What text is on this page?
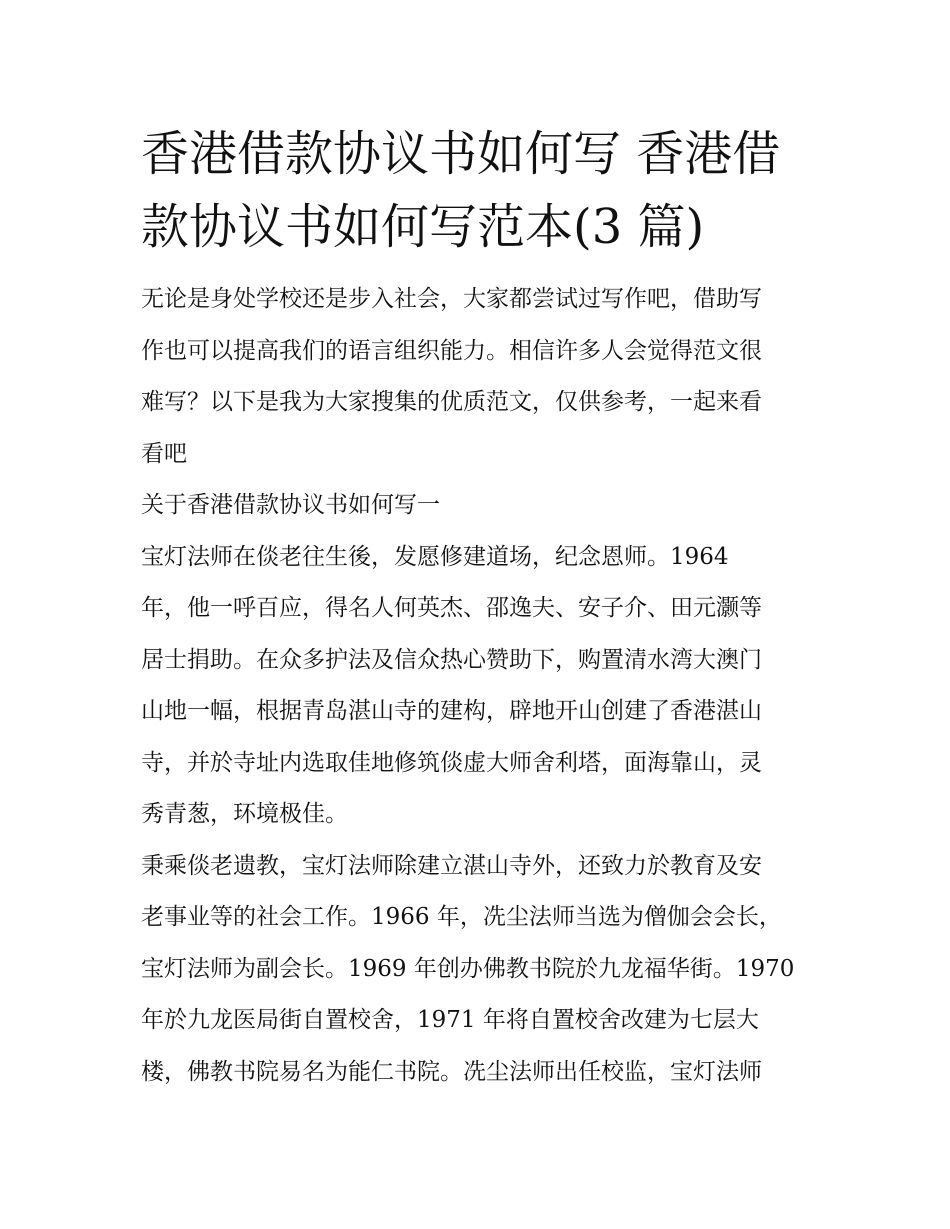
香港借款协议书如何写 香港借
款协议书如何写范本(3 篇)

无论是身处学校还是步入社会，大家都尝试过写作吧，借助写

作也可以提高我们的语言组织能力。相信许多人会觉得范文很

难写？以下是我为大家搜集的优质范文，仅供参考，一起来看

看吧

关于香港借款协议书如何写一

宝灯法师在倓老往生後，发愿修建道场，纪念恩师。1964

年，他一呼百应，得名人何英杰、邵逸夫、安子介、田元灏等

居士捐助。在众多护法及信众热心赞助下，购置清水湾大澳门

山地一幅，根据青岛湛山寺的建构，辟地开山创建了香港湛山

寺，并於寺址内选取佳地修筑倓虚大师舍利塔，面海靠山，灵

秀青葱，环境极佳。

秉乘倓老遗教，宝灯法师除建立湛山寺外，还致力於教育及安

老事业等的社会工作。1966 年，冼尘法师当选为僧伽会会长，

宝灯法师为副会长。1969 年创办佛教书院於九龙福华街。1970

年於九龙医局街自置校舍，1971 年将自置校舍改建为七层大

楼，佛教书院易名为能仁书院。冼尘法师出任校监，宝灯法师
